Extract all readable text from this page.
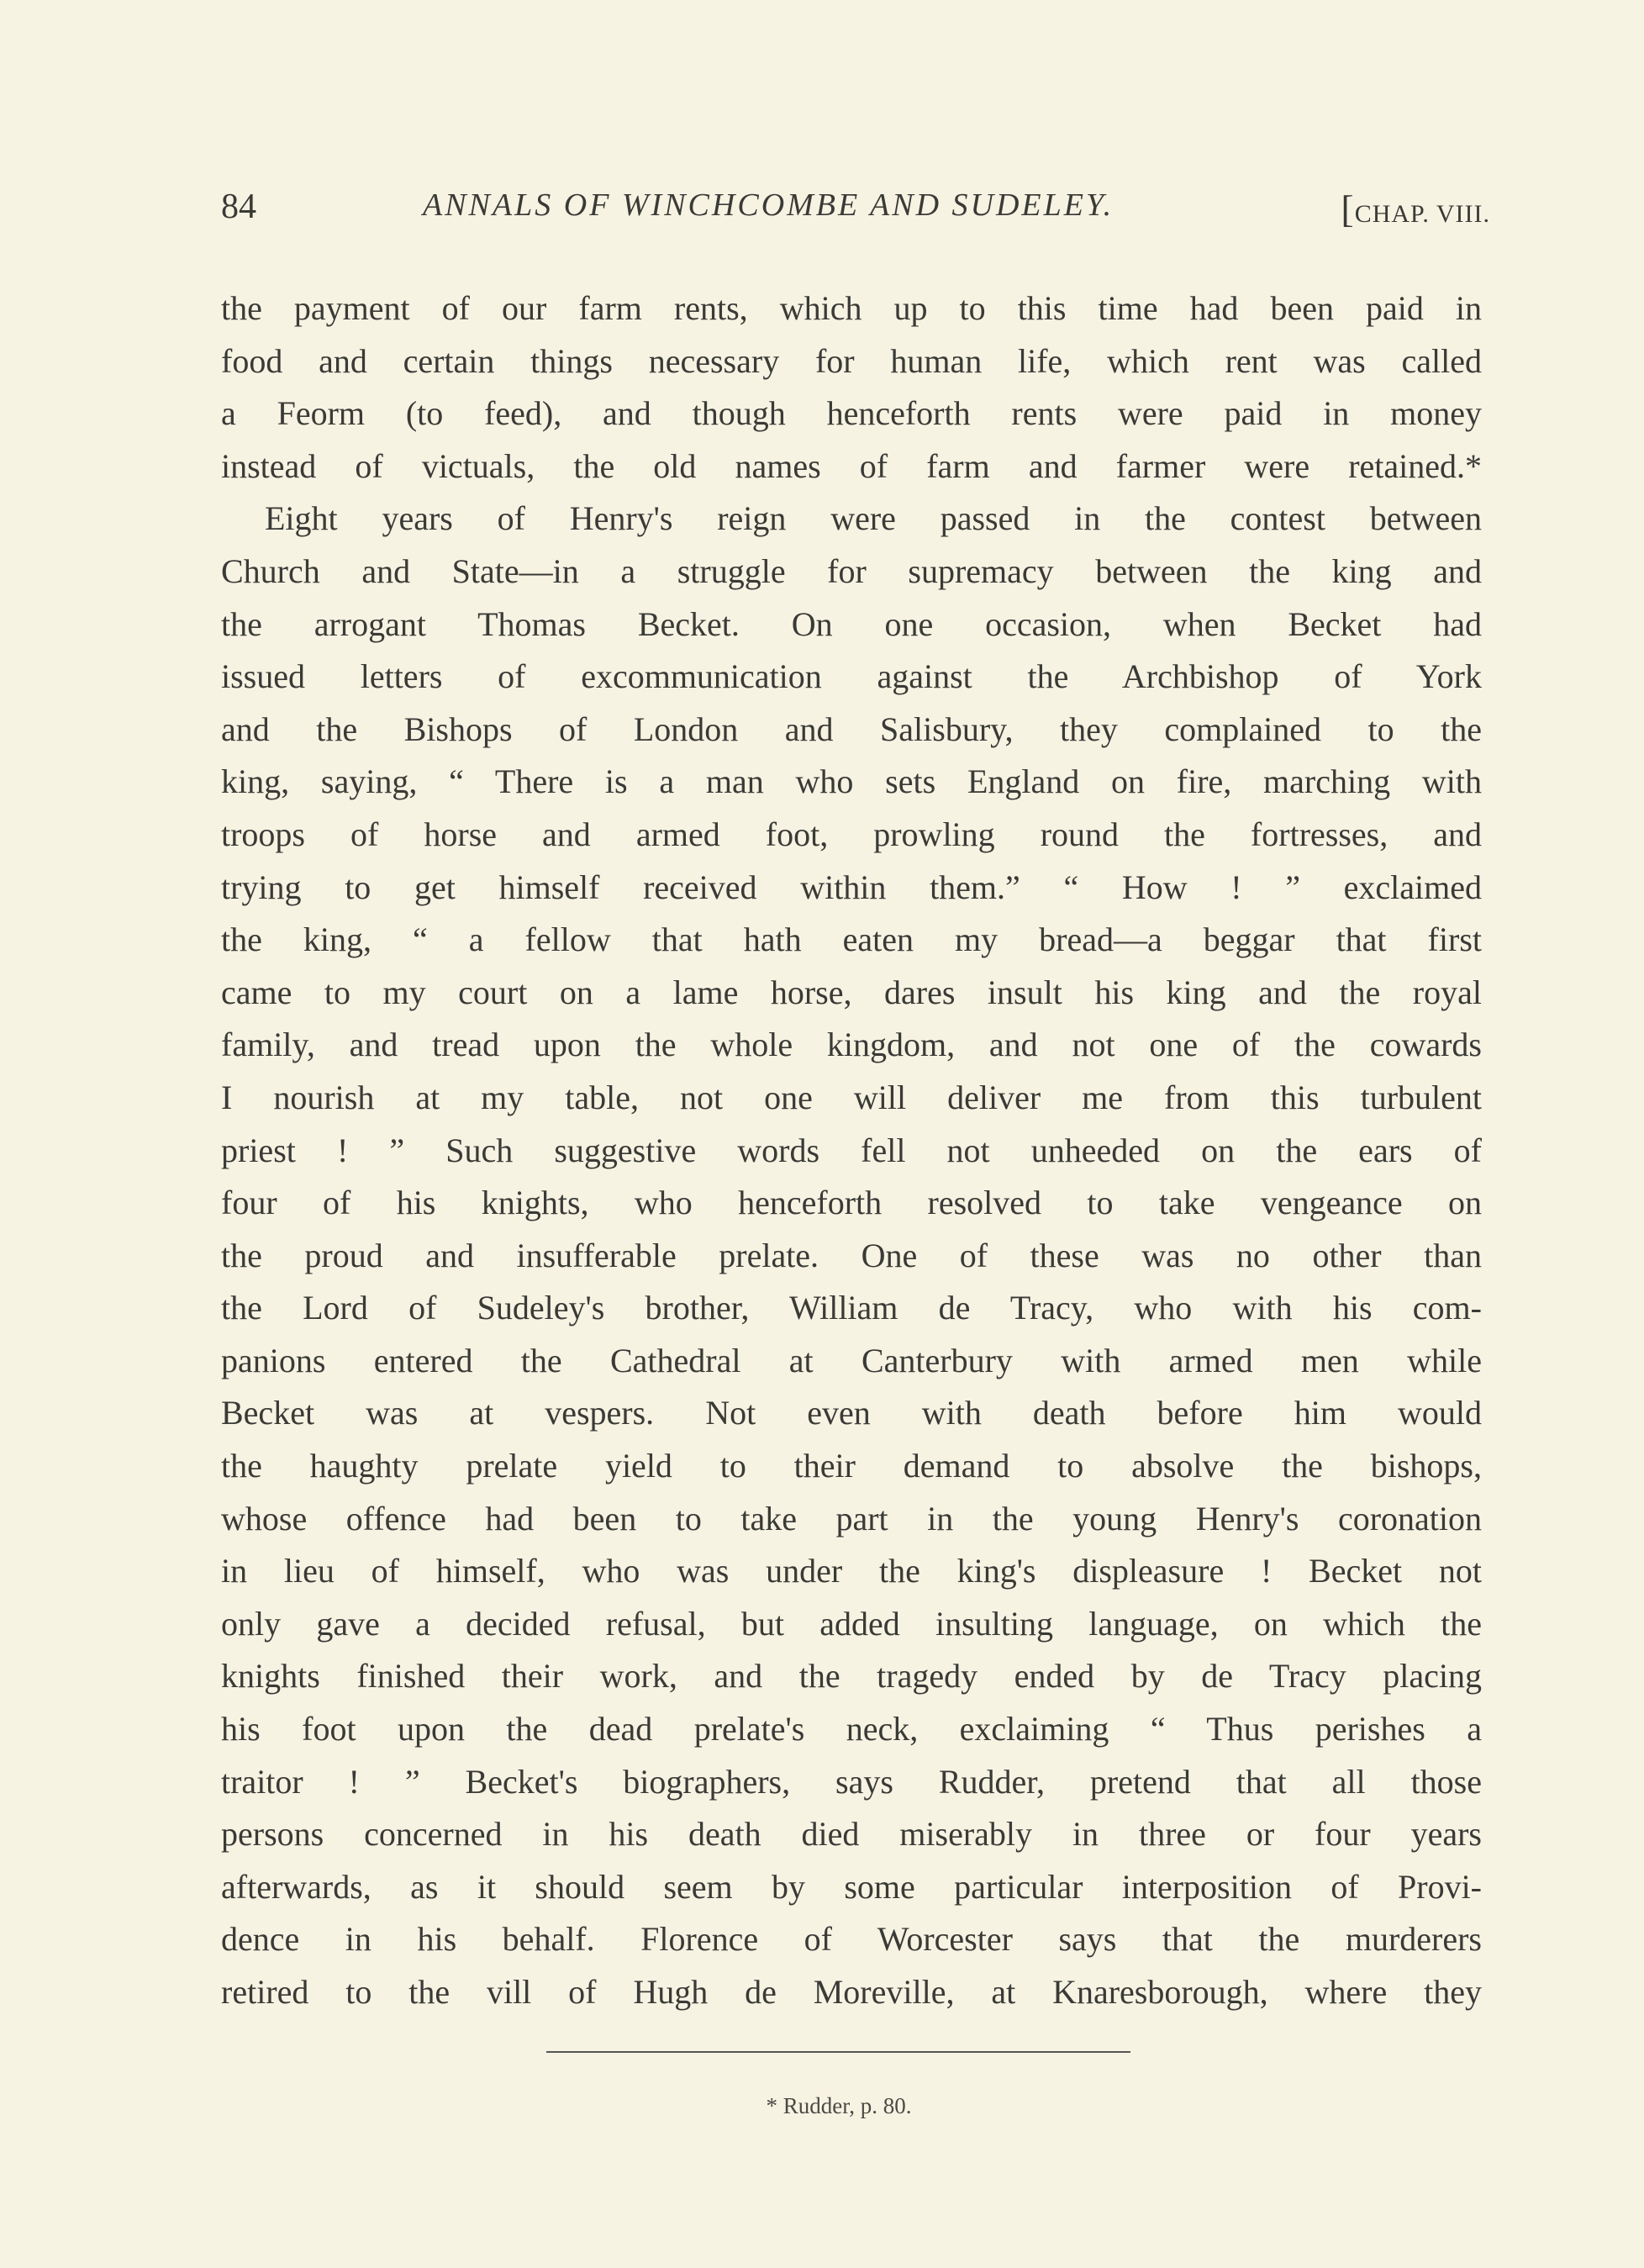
84	ANNALS OF WINCHCOMBE AND SUDELEY.	[CHAP. VIII.
the payment of our farm rents, which up to this time had been paid in
food and certain things necessary for human life, which rent was called
a Feorm (to feed), and though henceforth rents were paid in money
instead of victuals, the old names of farm and farmer were retained.*
Eight years of Henry's reign were passed in the contest between
Church and State—in a struggle for supremacy between the king and
the arrogant Thomas Becket. On one occasion, when Becket had
issued letters of excommunication against the Archbishop of York
and the Bishops of London and Salisbury, they complained to the
king, saying, “ There is a man who sets England on fire, marching with
troops of horse and armed foot, prowling round the fortresses, and
trying to get himself received within them.” “ How ! ” exclaimed
the king, “ a fellow that hath eaten my bread—a beggar that first
came to my court on a lame horse, dares insult his king and the royal
family, and tread upon the whole kingdom, and not one of the cowards
I nourish at my table, not one will deliver me from this turbulent
priest ! ” Such suggestive words fell not unheeded on the ears of
four of his knights, who henceforth resolved to take vengeance on
the proud and insufferable prelate. One of these was no other than
the Lord of Sudeley's brother, William de Tracy, who with his com-
panions entered the Cathedral at Canterbury with armed men while
Becket was at vespers. Not even with death before him would
the haughty prelate yield to their demand to absolve the bishops,
whose offence had been to take part in the young Henry's coronation
in lieu of himself, who was under the king's displeasure ! Becket not
only gave a decided refusal, but added insulting language, on which the
knights finished their work, and the tragedy ended by de Tracy placing
his foot upon the dead prelate's neck, exclaiming “ Thus perishes a
traitor ! ” Becket's biographers, says Rudder, pretend that all those
persons concerned in his death died miserably in three or four years
afterwards, as it should seem by some particular interposition of Provi-
dence in his behalf. Florence of Worcester says that the murderers
retired to the vill of Hugh de Moreville, at Knaresborough, where they
* Rudder, p. 80.
